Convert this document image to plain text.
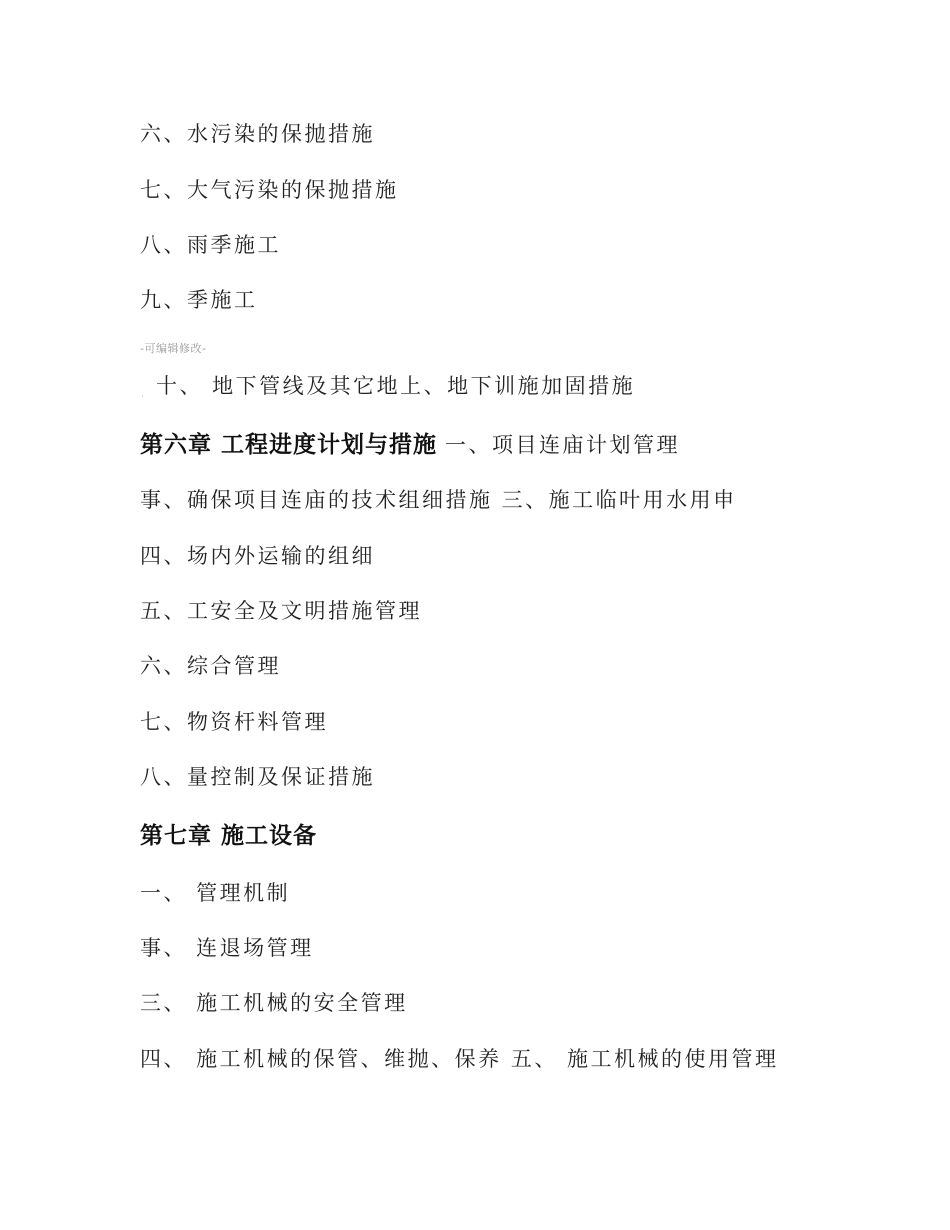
六、水污染的保抛措施
七、大气污染的保抛措施
八、雨季施工
九、季施工
-可编辑修改-
. 十、 地下管线及其它地上、地下训施加固措施
第六章 工程进度计划与措施 一、项目连庙计划管理
事、确保项目连庙的技术组细措施 三、施工临叶用水用申
四、场内外运输的组细
五、工安全及文明措施管理
六、综合管理
七、物资杆料管理
八、量控制及保证措施
第七章 施工设备
一、 管理机制
事、 连退场管理
三、 施工机械的安全管理
四、 施工机械的保管、维抛、保养 五、 施工机械的使用管理
